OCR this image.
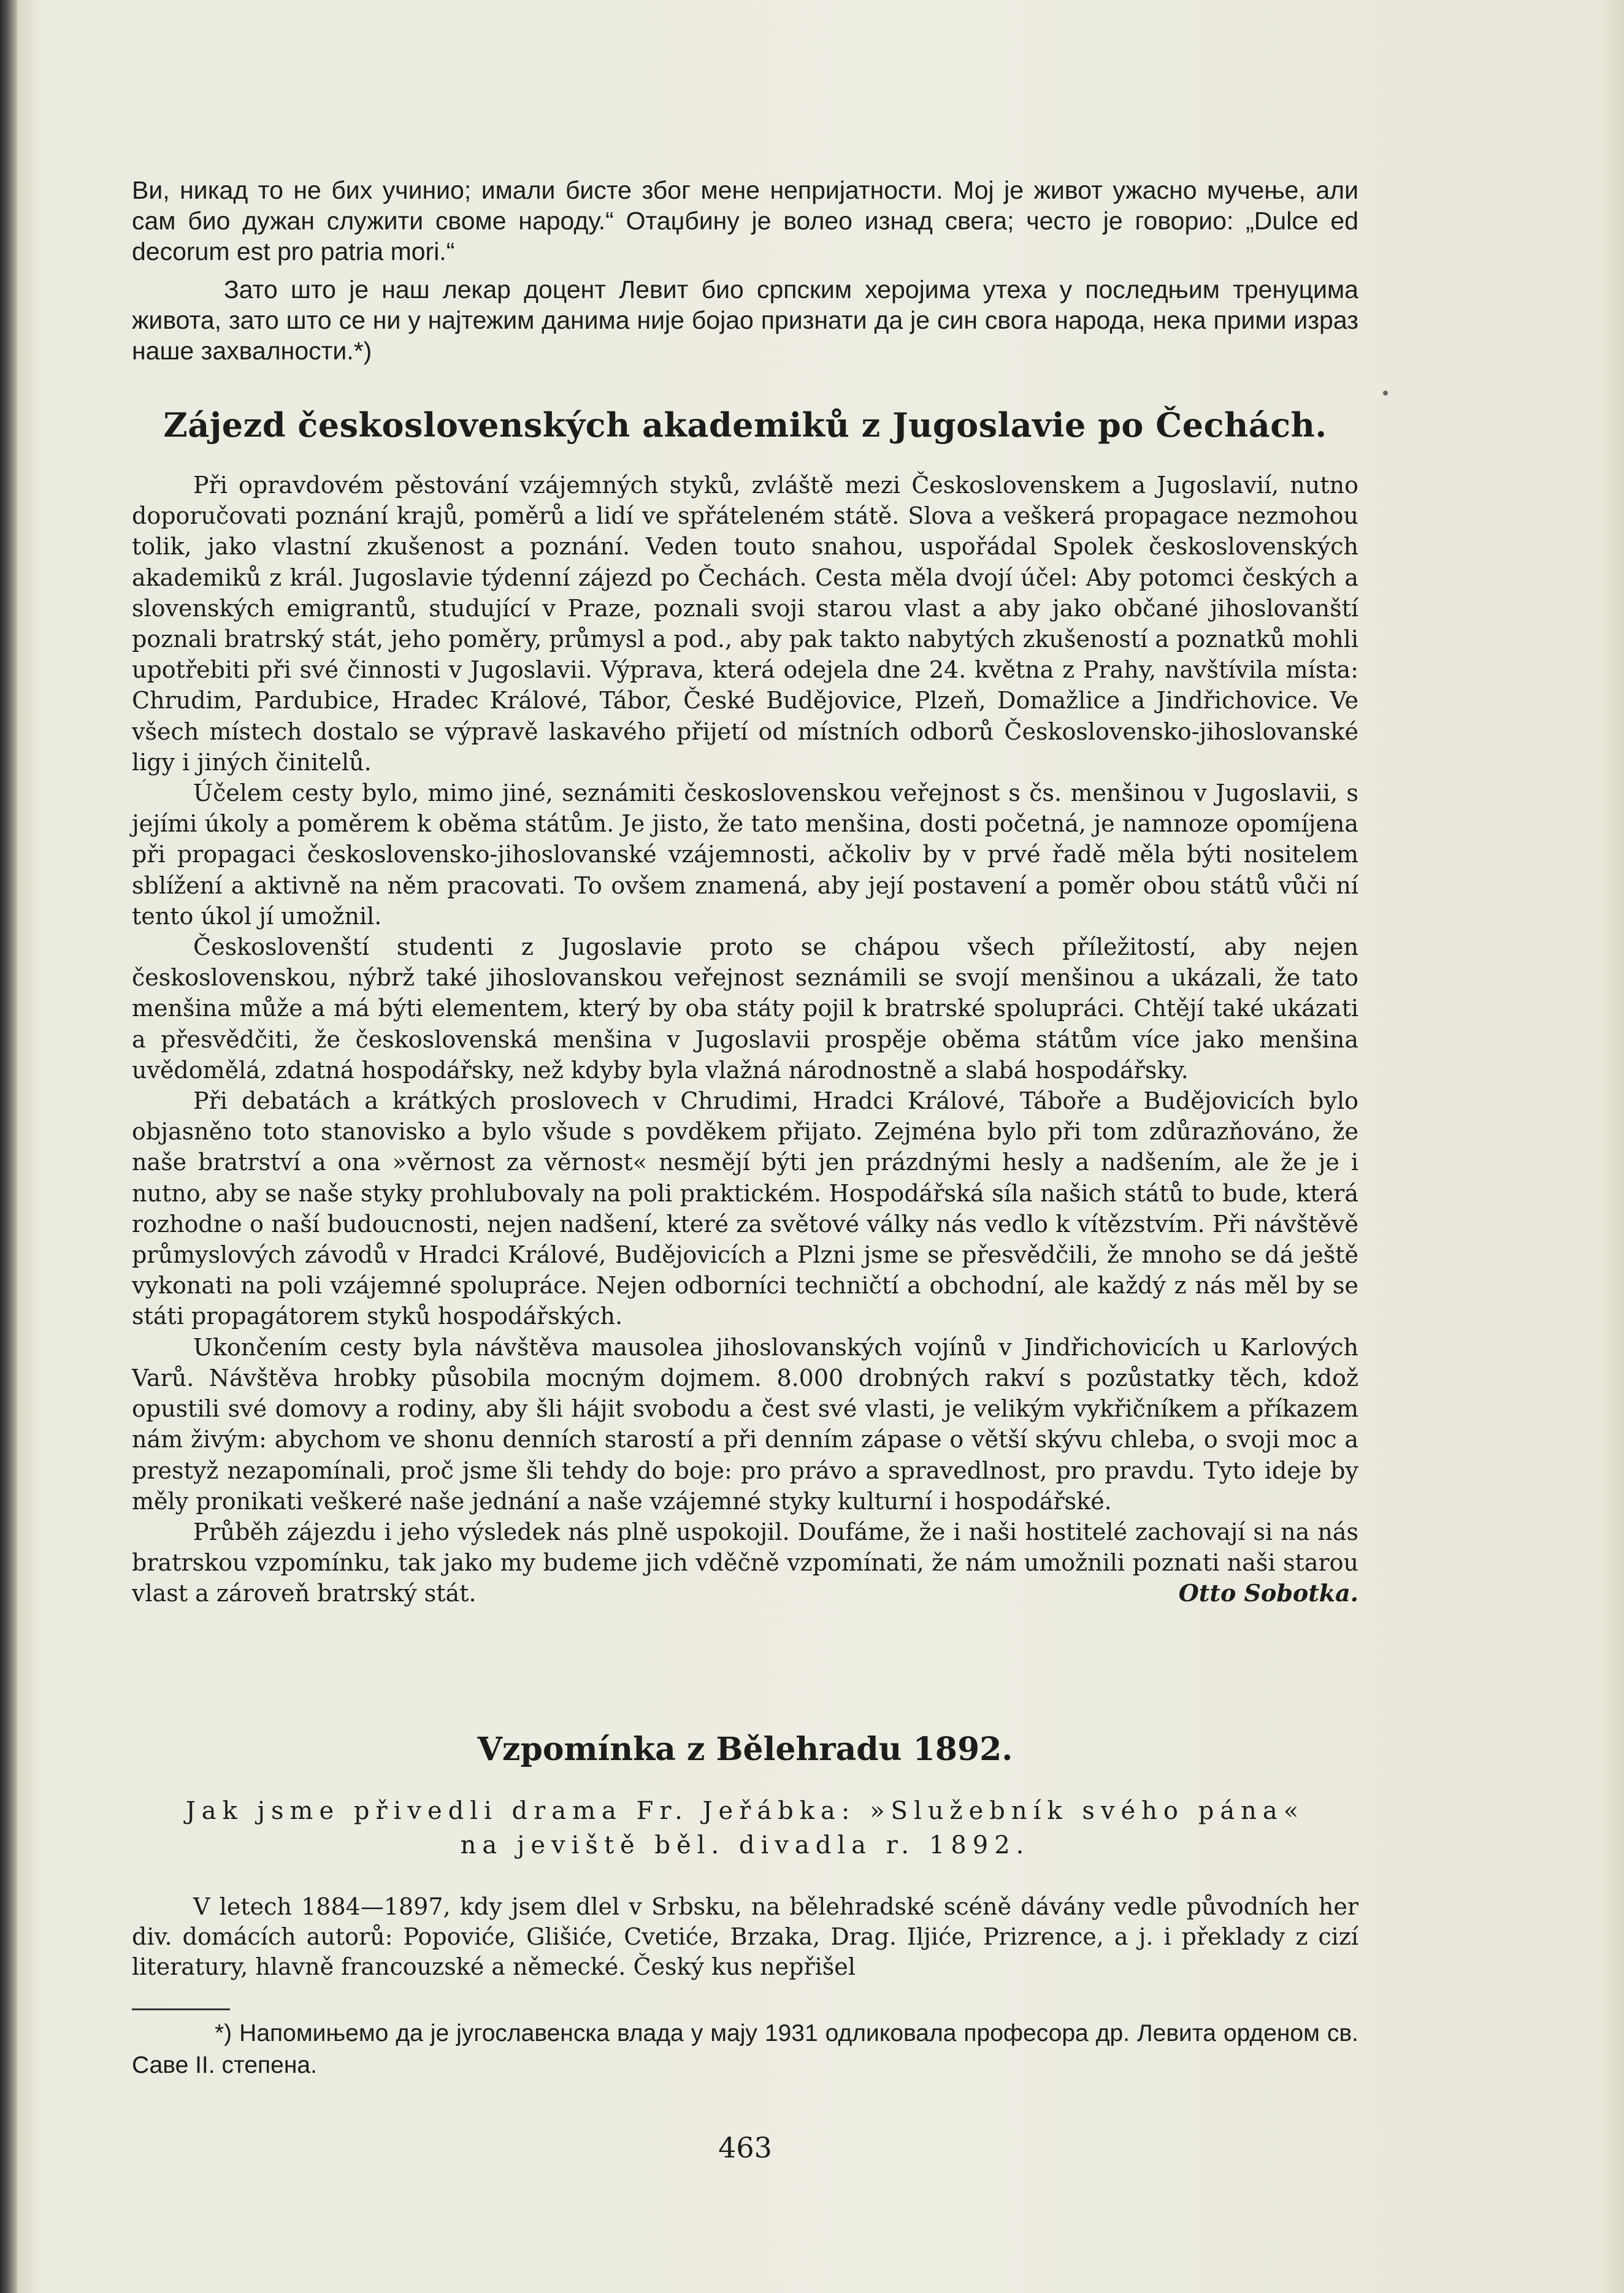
Ви, никад то не бих учинио; имали бисте због мене непријатности. Мој је живот ужасно мучење, али сам био дужан служити своме народу.“ Отаџбину је волео изнад свега; често је говорио: „Dulce ed decorum est pro patria mori.“

Зато што је наш лекар доцент Левит био српским херојима утеха у последњим тренуцима живота, зато што се ни у најтежим данима није бојао признати да је син свога народа, нека прими израз наше захвалности.*)

Zájezd československých akademiků z Jugoslavie po Čechách.

Při opravdovém pěstování vzájemných styků, zvláště mezi Československem a Jugoslavií, nutno doporučovati poznání krajů, poměrů a lidí ve spřáteleném státě. Slova a veškerá propagace nezmohou tolik, jako vlastní zkušenost a poznání. Veden touto snahou, uspořádal Spolek československých akademiků z král. Jugoslavie týdenní zájezd po Čechách. Cesta měla dvojí účel: Aby potomci českých a slovenských emigrantů, studující v Praze, poznali svoji starou vlast a aby jako občané jihoslovanští poznali bratrský stát, jeho poměry, průmysl a pod., aby pak takto nabytých zkušeností a poznatků mohli upotřebiti při své činnosti v Jugoslavii. Výprava, která odejela dne 24. května z Prahy, navštívila místa: Chrudim, Pardubice, Hradec Králové, Tábor, České Budějovice, Plzeň, Domažlice a Jindřichovice. Ve všech místech dostalo se výpravě laskavého přijetí od místních odborů Československo-jihoslovanské ligy i jiných činitelů.

Účelem cesty bylo, mimo jiné, seznámiti československou veřejnost s čs. menšinou v Jugoslavii, s jejími úkoly a poměrem k oběma státům. Je jisto, že tato menšina, dosti početná, je namnoze opomíjena při propagaci československo-jihoslovanské vzájemnosti, ačkoliv by v prvé řadě měla býti nositelem sblížení a aktivně na něm pracovati. To ovšem znamená, aby její postavení a poměr obou států vůči ní tento úkol jí umožnil.

Českoslovenští studenti z Jugoslavie proto se chápou všech příležitostí, aby nejen československou, nýbrž také jihoslovanskou veřejnost seznámili se svojí menšinou a ukázali, že tato menšina může a má býti elementem, který by oba státy pojil k bratrské spolupráci. Chtějí také ukázati a přesvědčiti, že československá menšina v Jugoslavii prospěje oběma státům více jako menšina uvědomělá, zdatná hospodářsky, než kdyby byla vlažná národnostně a slabá hospodářsky.

Při debatách a krátkých proslovech v Chrudimi, Hradci Králové, Táboře a Budějovicích bylo objasněno toto stanovisko a bylo všude s povděkem přijato. Zejména bylo při tom zdůrazňováno, že naše bratrství a ona »věrnost za věrnost« nesmějí býti jen prázdnými hesly a nadšením, ale že je i nutno, aby se naše styky prohlubovaly na poli praktickém. Hospodářská síla našich států to bude, která rozhodne o naší budoucnosti, nejen nadšení, které za světové války nás vedlo k vítězstvím. Při návštěvě průmyslových závodů v Hradci Králové, Budějovicích a Plzni jsme se přesvědčili, že mnoho se dá ještě vykonati na poli vzájemné spolupráce. Nejen odborníci techničtí a obchodní, ale každý z nás měl by se státi propagátorem styků hospodářských.

Ukončením cesty byla návštěva mausolea jihoslovanských vojínů v Jindřichovicích u Karlových Varů. Návštěva hrobky působila mocným dojmem. 8.000 drobných rakví s pozůstatky těch, kdož opustili své domovy a rodiny, aby šli hájit svobodu a čest své vlasti, je velikým vykřičníkem a příkazem nám živým: abychom ve shonu denních starostí a při denním zápase o větší skývu chleba, o svoji moc a prestyž nezapomínali, proč jsme šli tehdy do boje: pro právo a spravedlnost, pro pravdu. Tyto ideje by měly pronikati veškeré naše jednání a naše vzájemné styky kulturní i hospodářské.

Průběh zájezdu i jeho výsledek nás plně uspokojil. Doufáme, že i naši hostitelé zachovají si na nás bratrskou vzpomínku, tak jako my budeme jich vděčně vzpomínati, že nám umožnili poznati naši starou vlast a zároveň bratrský stát.	Otto Sobotka.

Vzpomínka z Bělehradu 1892.
Jak jsme přivedli drama Fr. Jeřábka: »Služebník svého pána«
na jeviště běl. divadla r. 1892.

V letech 1884—1897, kdy jsem dlel v Srbsku, na bělehradské scéně dávány vedle původních her div. domácích autorů: Popoviće, Glišiće, Cvetiće, Brzaka, Drag. Iljiće, Prizrence, a j. i překlady z cizí literatury, hlavně francouzské a německé. Český kus nepřišel

*) Напомињемо да је југославенска влада у мају 1931 одликовала професора др. Левита орденом св. Саве II. степена.
463
